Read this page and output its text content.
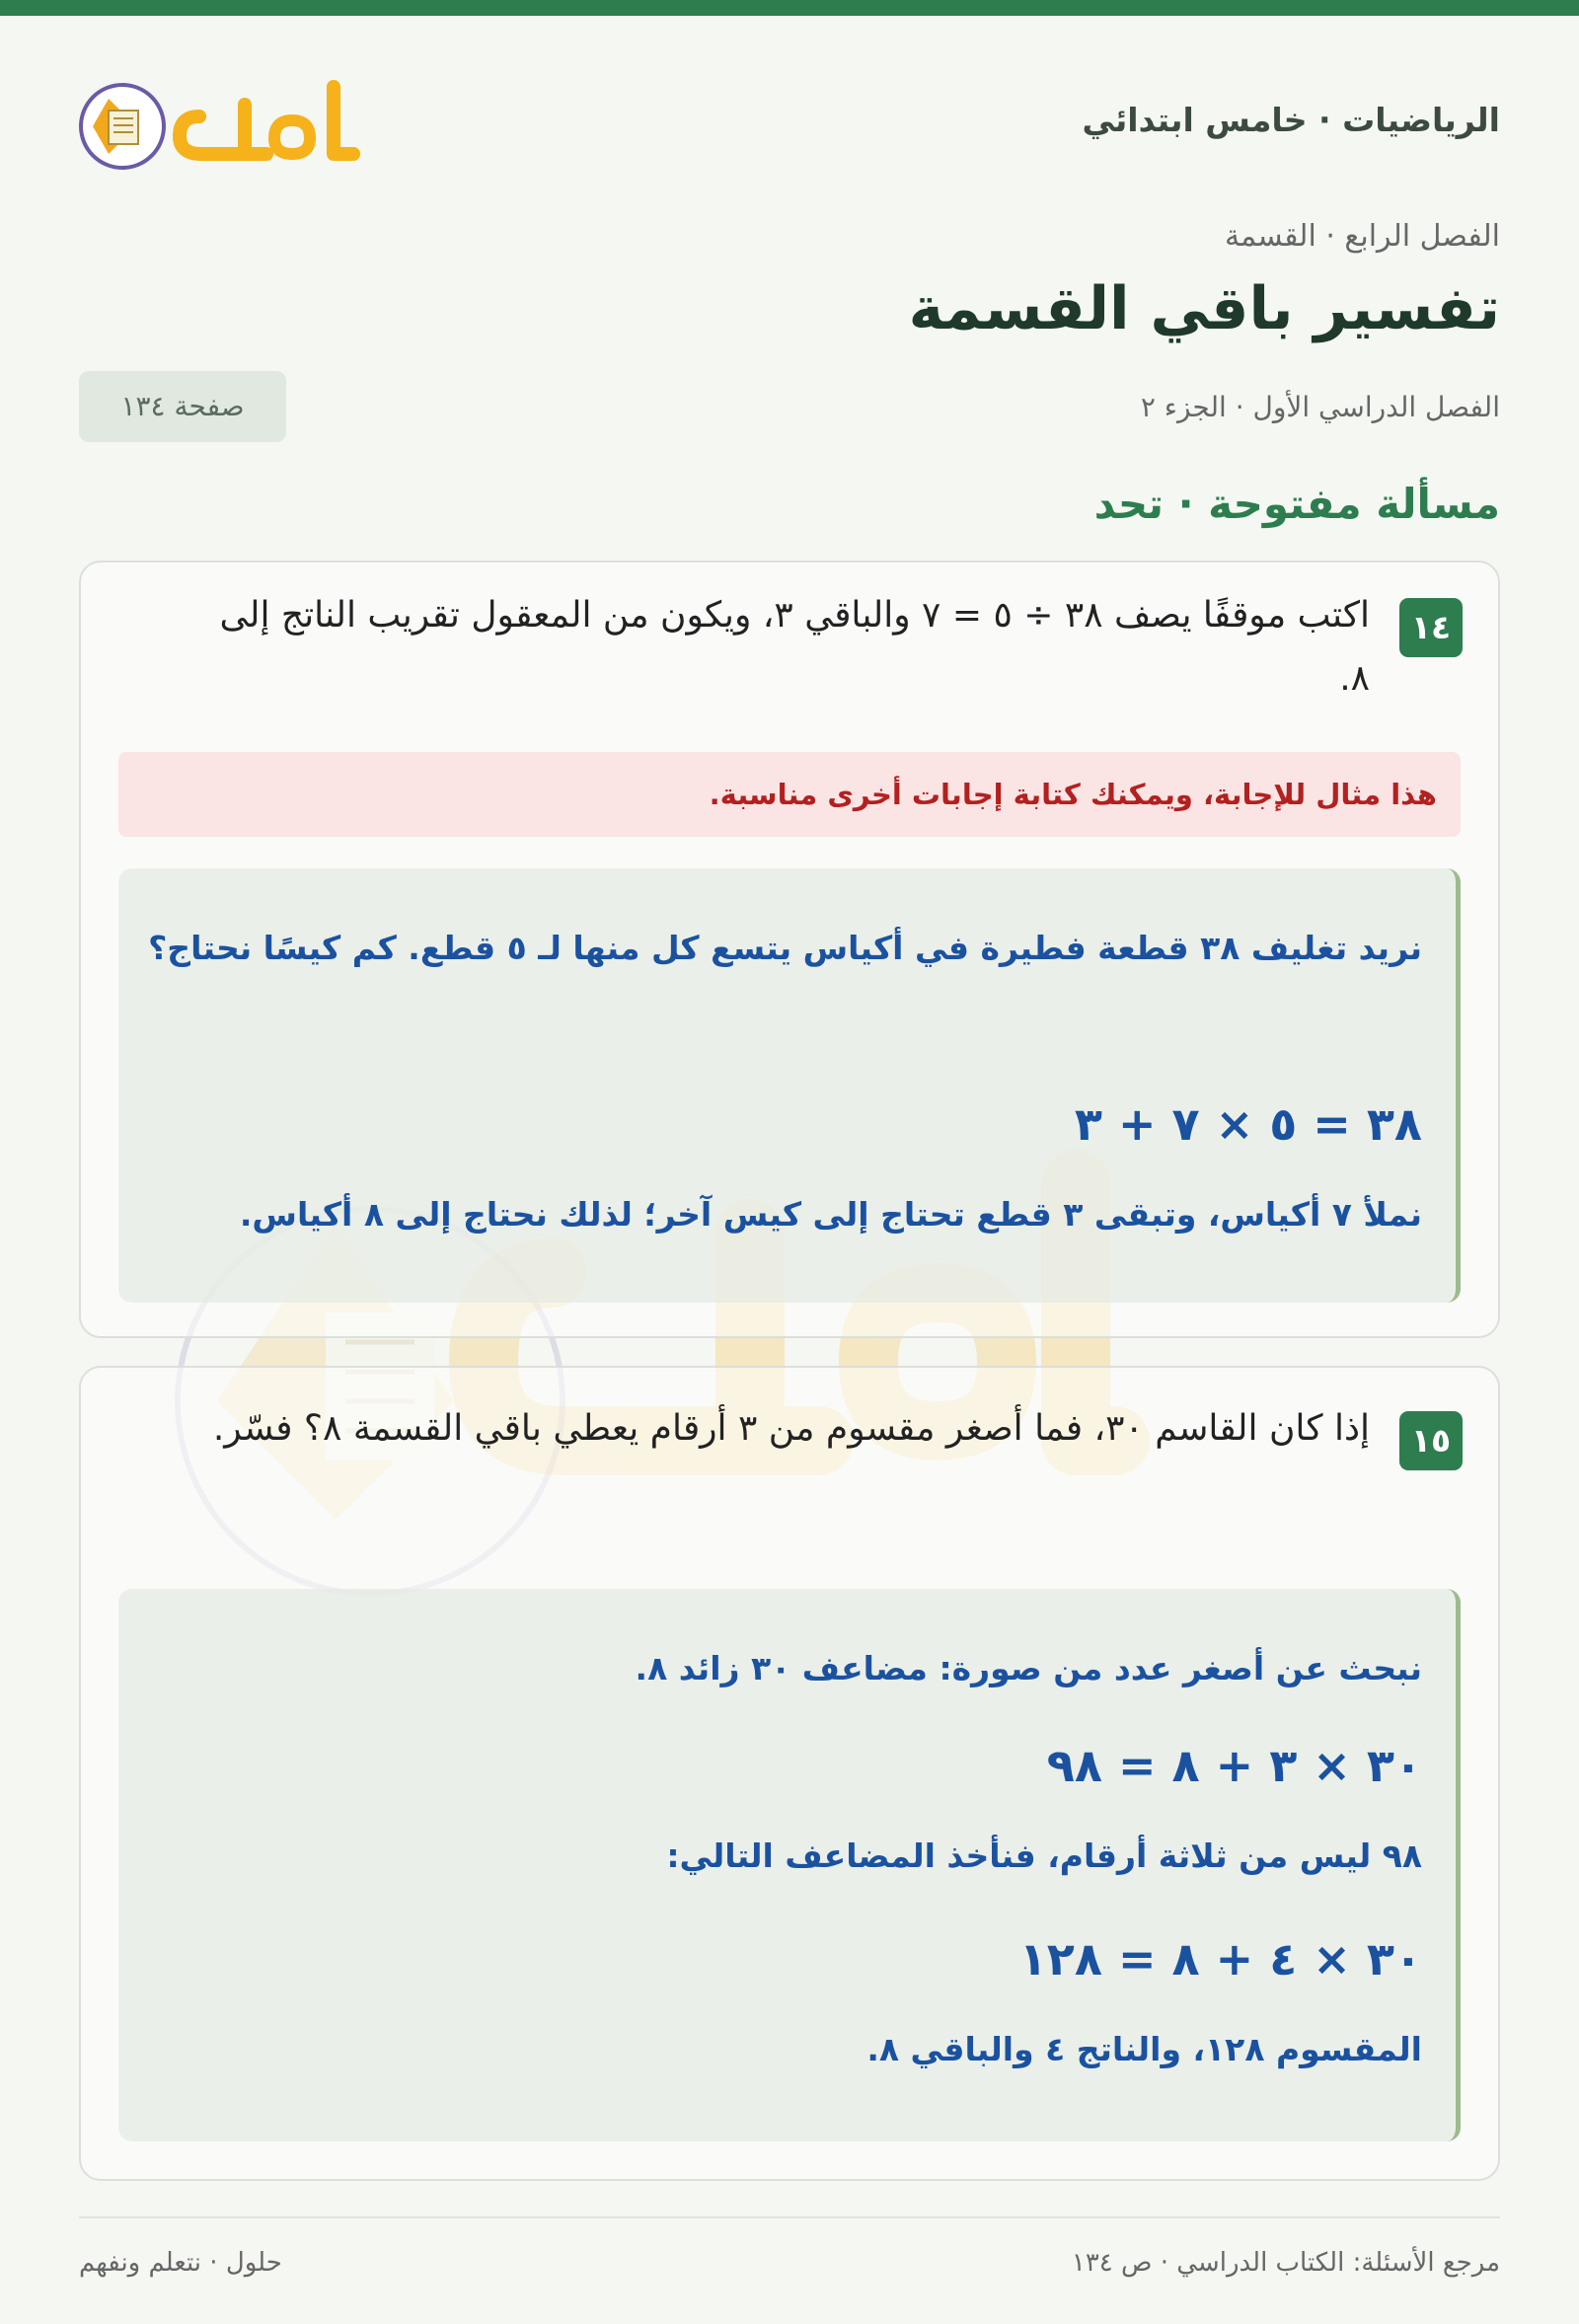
الرياضيات · خامس ابتدائي
الفصل الرابع · القسمة
تفسير باقي القسمة
الفصل الدراسي الأول · الجزء ٢
صفحة ١٣٤
مسألة مفتوحة · تحد
١٤
اكتب موقفًا يصف ٣٨ ÷ ٥ = ٧ والباقي ٣، ويكون من المعقول تقريب الناتج إلى ٨.
هذا مثال للإجابة، ويمكنك كتابة إجابات أخرى مناسبة.
نريد تغليف ٣٨ قطعة فطيرة في أكياس يتسع كل منها لـ ٥ قطع. كم كيسًا نحتاج؟
٣٨ = ٥ × ٧ + ٣
نملأ ٧ أكياس، وتبقى ٣ قطع تحتاج إلى كيس آخر؛ لذلك نحتاج إلى ٨ أكياس.
١٥
إذا كان القاسم ٣٠، فما أصغر مقسوم من ٣ أرقام يعطي باقي القسمة ٨؟ فسّر.
نبحث عن أصغر عدد من صورة: مضاعف ٣٠ زائد ٨.
٣٠ × ٣ + ٨ = ٩٨
٩٨ ليس من ثلاثة أرقام، فنأخذ المضاعف التالي:
٣٠ × ٤ + ٨ = ١٢٨
المقسوم ١٢٨، والناتج ٤ والباقي ٨.
مرجع الأسئلة: الكتاب الدراسي · ص ١٣٤
حلول · نتعلم ونفهم
